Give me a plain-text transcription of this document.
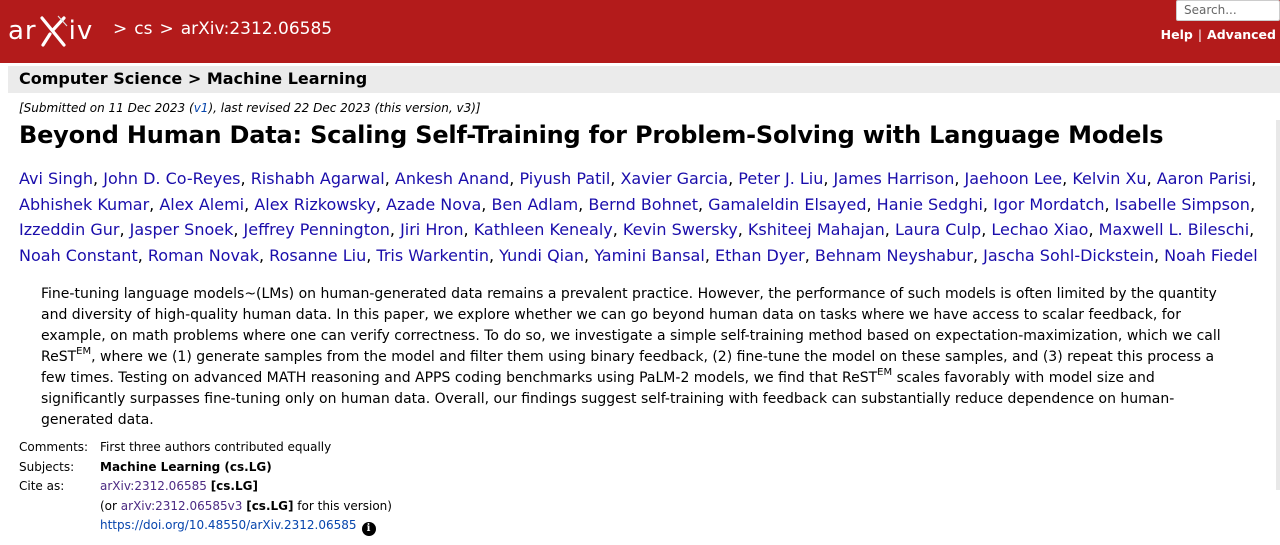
ar iv	> cs > arXiv:2312.06585
Search...
Help | Advanced
Computer Science > Machine Learning
[Submitted on 11 Dec 2023 (v1), last revised 22 Dec 2023 (this version, v3)]
Beyond Human Data: Scaling Self-Training for Problem-Solving with Language Models
Avi Singh, John D. Co-Reyes, Rishabh Agarwal, Ankesh Anand, Piyush Patil, Xavier Garcia, Peter J. Liu, James Harrison, Jaehoon Lee, Kelvin Xu, Aaron Parisi,
Abhishek Kumar, Alex Alemi, Alex Rizkowsky, Azade Nova, Ben Adlam, Bernd Bohnet, Gamaleldin Elsayed, Hanie Sedghi, Igor Mordatch, Isabelle Simpson,
Izzeddin Gur, Jasper Snoek, Jeffrey Pennington, Jiri Hron, Kathleen Kenealy, Kevin Swersky, Kshiteej Mahajan, Laura Culp, Lechao Xiao, Maxwell L. Bileschi,
Noah Constant, Roman Novak, Rosanne Liu, Tris Warkentin, Yundi Qian, Yamini Bansal, Ethan Dyer, Behnam Neyshabur, Jascha Sohl-Dickstein, Noah Fiedel
Fine-tuning language models~(LMs) on human-generated data remains a prevalent practice. However, the performance of such models is often limited by the quantity and diversity of high-quality human data. In this paper, we explore whether we can go beyond human data on tasks where we have access to scalar feedback, for example, on math problems where one can verify correctness. To do so, we investigate a simple self-training method based on expectation-maximization, which we call ReST$^{EM}$, where we (1) generate samples from the model and filter them using binary feedback, (2) fine-tune the model on these samples, and (3) repeat this process a few times. Testing on advanced MATH reasoning and APPS coding benchmarks using PaLM-2 models, we find that ReST$^{EM}$ scales favorably with model size and significantly surpasses fine-tuning only on human data. Overall, our findings suggest self-training with feedback can substantially reduce dependence on human-generated data.
Comments: First three authors contributed equally
Subjects:	Machine Learning (cs.LG)
Cite as:	arXiv:2312.06585 [cs.LG]
(or arXiv:2312.06585v3 [cs.LG] for this version)
https://doi.org/10.48550/arXiv.2312.06585 i
